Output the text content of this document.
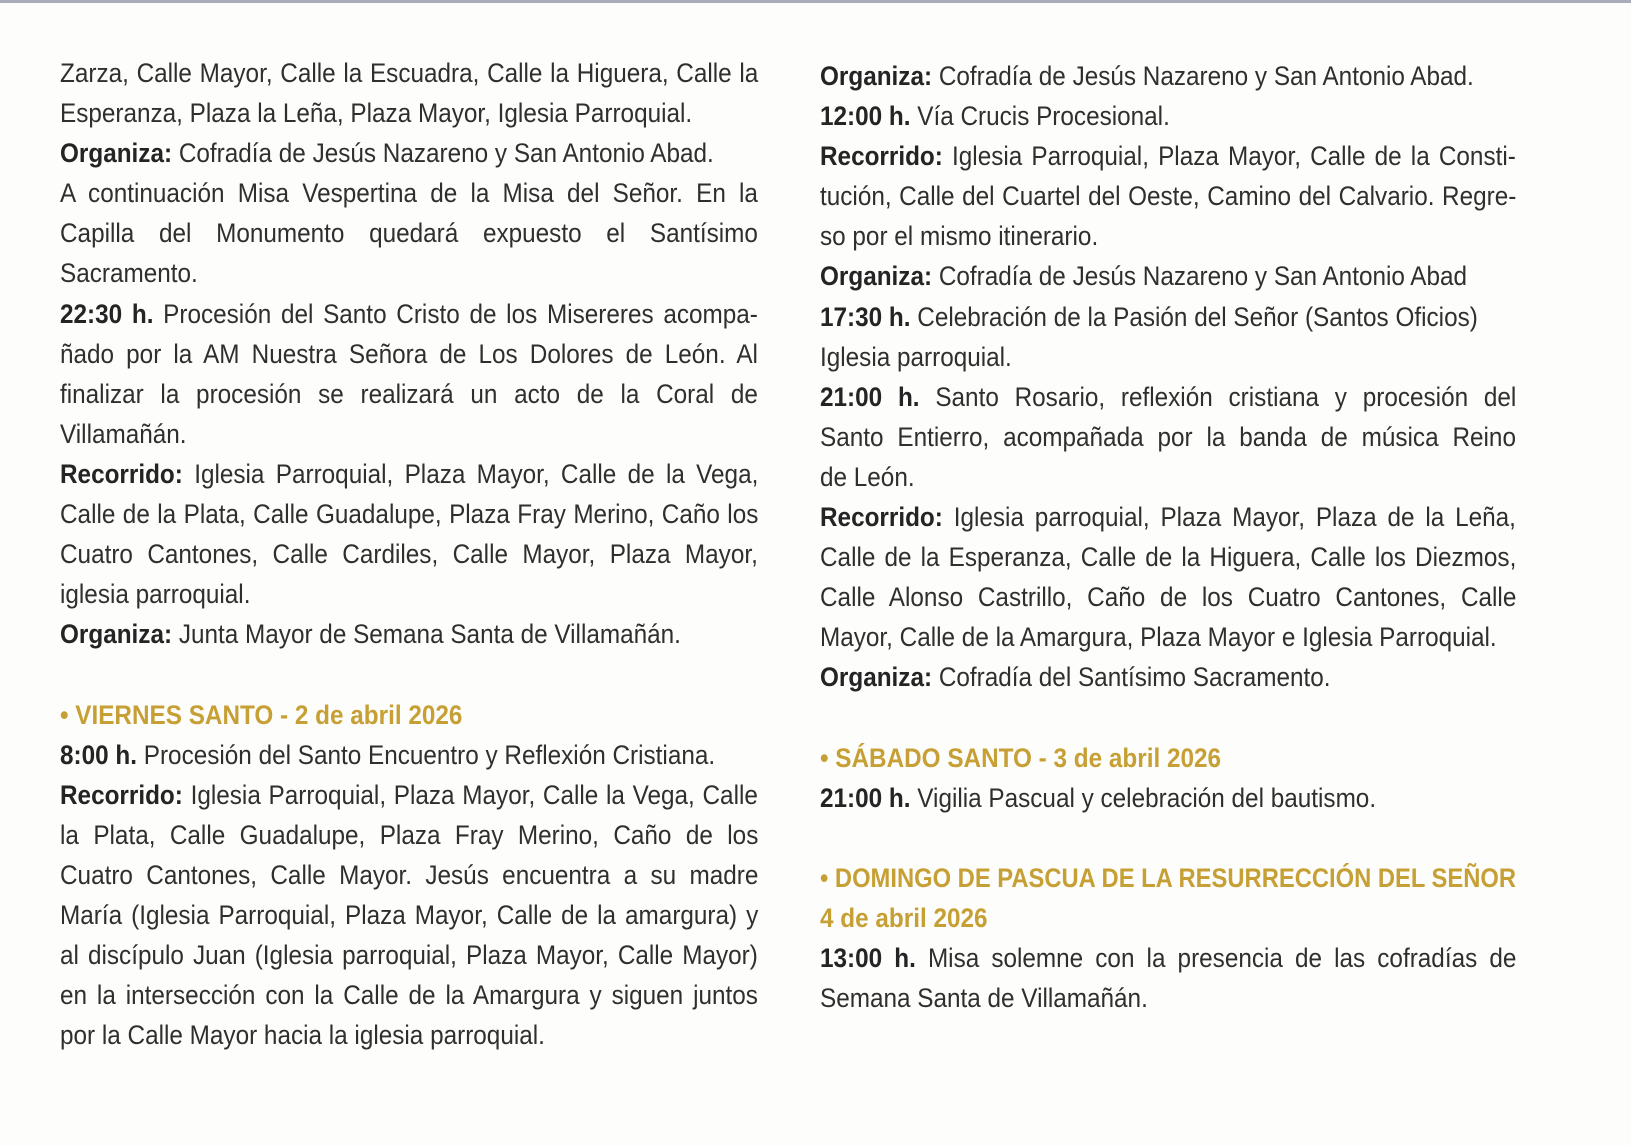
Zarza, Calle Mayor, Calle la Escuadra, Calle la Higuera, Calle la
Esperanza, Plaza la Leña, Plaza Mayor, Iglesia Parroquial.
Organiza: Cofradía de Jesús Nazareno y San Antonio Abad.
A continuación Misa Vespertina de la Misa del Señor. En la
Capilla del Monumento quedará expuesto el Santísimo
Sacramento.
22:30 h. Procesión del Santo Cristo de los Misereres acompa-
ñado por la AM Nuestra Señora de Los Dolores de León. Al
finalizar la procesión se realizará un acto de la Coral de
Villamañán.
Recorrido: Iglesia Parroquial, Plaza Mayor, Calle de la Vega,
Calle de la Plata, Calle Guadalupe, Plaza Fray Merino, Caño los
Cuatro Cantones, Calle Cardiles, Calle Mayor, Plaza Mayor,
iglesia parroquial.
Organiza: Junta Mayor de Semana Santa de Villamañán.
• VIERNES SANTO - 2 de abril 2026
8:00 h. Procesión del Santo Encuentro y Reflexión Cristiana.
Recorrido: Iglesia Parroquial, Plaza Mayor, Calle la Vega, Calle
la Plata, Calle Guadalupe, Plaza Fray Merino, Caño de los
Cuatro Cantones, Calle Mayor. Jesús encuentra a su madre
María (Iglesia Parroquial, Plaza Mayor, Calle de la amargura) y
al discípulo Juan (Iglesia parroquial, Plaza Mayor, Calle Mayor)
en la intersección con la Calle de la Amargura y siguen juntos
por la Calle Mayor hacia la iglesia parroquial.
Organiza: Cofradía de Jesús Nazareno y San Antonio Abad.
12:00 h. Vía Crucis Procesional.
Recorrido: Iglesia Parroquial, Plaza Mayor, Calle de la Consti-
tución, Calle del Cuartel del Oeste, Camino del Calvario. Regre-
so por el mismo itinerario.
Organiza: Cofradía de Jesús Nazareno y San Antonio Abad
17:30 h. Celebración de la Pasión del Señor (Santos Oficios)
Iglesia parroquial.
21:00 h. Santo Rosario, reflexión cristiana y procesión del
Santo Entierro, acompañada por la banda de música Reino
de León.
Recorrido: Iglesia parroquial, Plaza Mayor, Plaza de la Leña,
Calle de la Esperanza, Calle de la Higuera, Calle los Diezmos,
Calle Alonso Castrillo, Caño de los Cuatro Cantones, Calle
Mayor, Calle de la Amargura, Plaza Mayor e Iglesia Parroquial.
Organiza: Cofradía del Santísimo Sacramento.
• SÁBADO SANTO - 3 de abril 2026
21:00 h. Vigilia Pascual y celebración del bautismo.
• DOMINGO DE PASCUA DE LA RESURRECCIÓN DEL SEÑOR
4 de abril 2026
13:00 h. Misa solemne con la presencia de las cofradías de
Semana Santa de Villamañán.
